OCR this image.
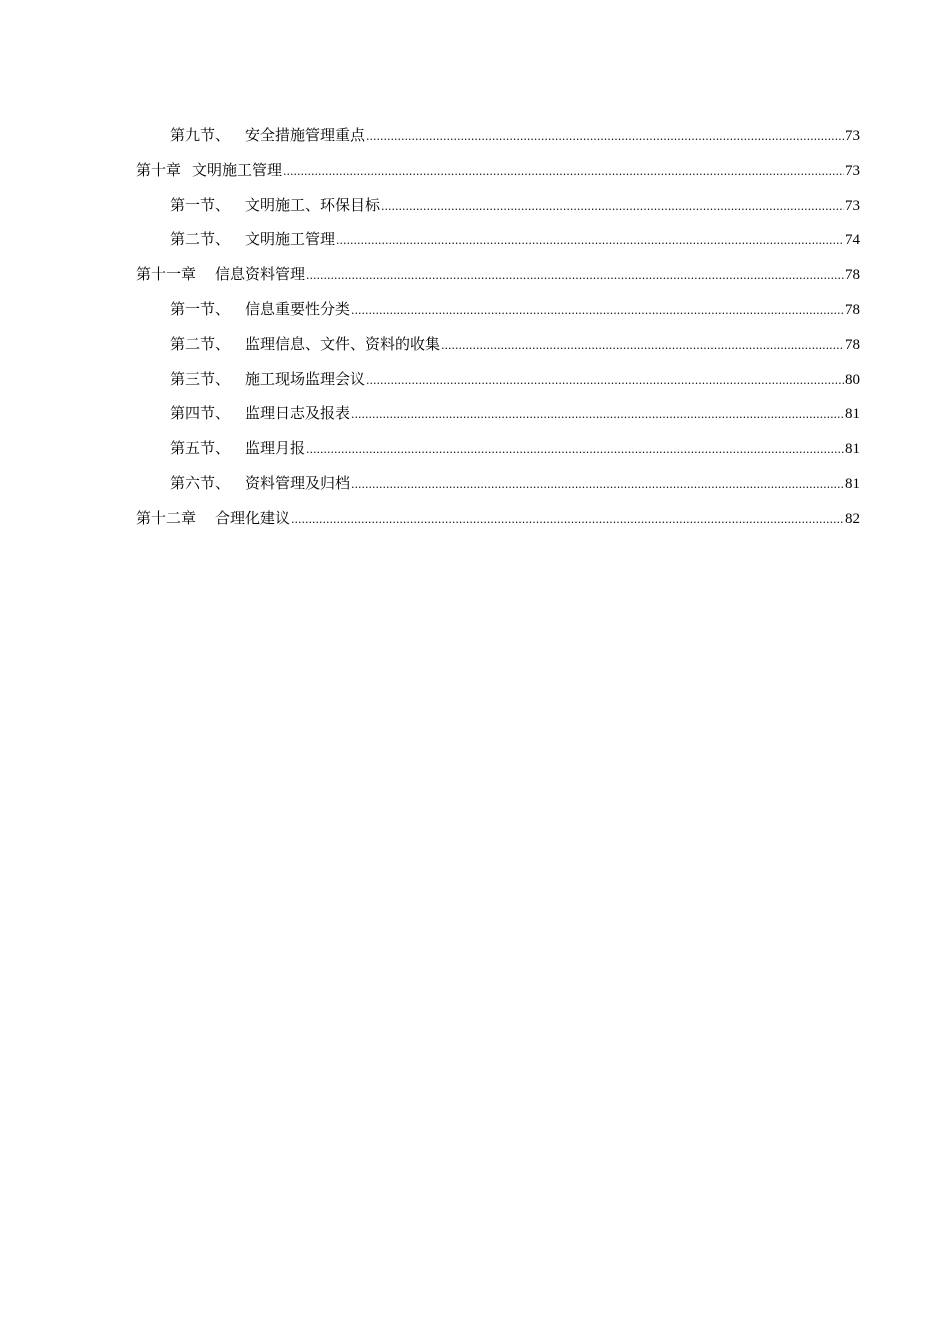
第九节、 安全措施管理重点 .....	73
第十章 文明施工管理 .....	73
第一节、 文明施工、环保目标 .....	73
第二节、 文明施工管理 .....	74
第十一章 信息资料管理 .....	78
第一节、 信息重要性分类 .....	78
第二节、 监理信息、文件、资料的收集 .....	78
第三节、 施工现场监理会议 .....	80
第四节、 监理日志及报表 .....	81
第五节、 监理月报 .....	81
第六节、 资料管理及归档 .....	81
第十二章 合理化建议 .....	82
